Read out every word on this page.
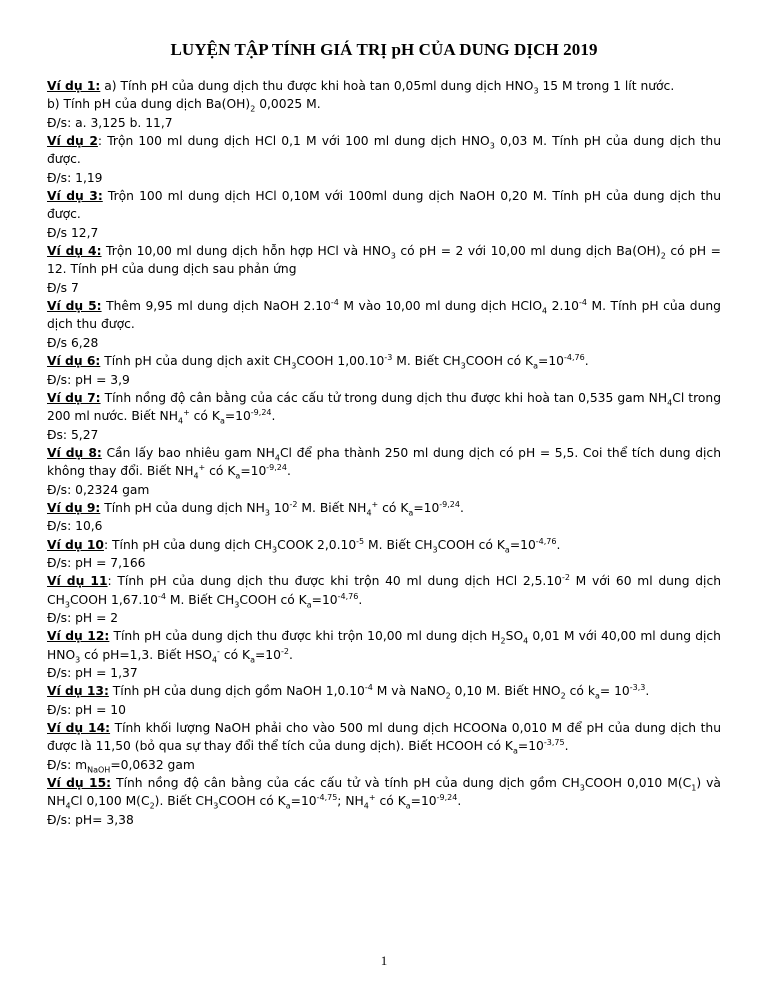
LUYỆN TẬP TÍNH GIÁ TRỊ pH CỦA DUNG DỊCH 2019

Ví dụ 1: a) Tính pH của dung dịch thu được khi hoà tan 0,05ml dung dịch $HNO_3$ 15 M trong 1 lít nước.

b) Tính pH của dung dịch $Ba(OH)_2$ 0,0025 M.

Đ/s: a. 3,125 b. 11,7

Ví dụ 2: Trộn 100 ml dung dịch HCl 0,1 M với 100 ml dung dịch $HNO_3$ 0,03 M. Tính pH của dung dịch thu được.

Đ/s: 1,19

Ví dụ 3: Trộn 100 ml dung dịch HCl 0,10M với 100ml dung dịch NaOH 0,20 M. Tính pH của dung dịch thu được.

Đ/s 12,7

Ví dụ 4: Trộn 10,00 ml dung dịch hỗn hợp HCl và $HNO_3$ có pH = 2 với 10,00 ml dung dịch $Ba(OH)_2$ có pH = 12. Tính pH của dung dịch sau phản ứng

Đ/s 7

Ví dụ 5: Thêm 9,95 ml dung dịch NaOH $2.10^{-4}$ M vào 10,00 ml dung dịch HClO$_4$ $2.10^{-4}$ M. Tính pH của dung dịch thu được.

Đ/s 6,28

Ví dụ 6: Tính pH của dung dịch axit $CH_3COOH$ $1,00.10^{-3}$ M. Biết $CH_3COOH$ có $K_a=10^{-4,76}$.

Đ/s: pH = 3,9

Ví dụ 7: Tính nồng độ cân bằng của các cấu tử trong dung dịch thu được khi hoà tan 0,535 gam $NH_4Cl$ trong 200 ml nước. Biết $NH_4^+$ có $K_a=10^{-9,24}$.

Đs: 5,27

Ví dụ 8: Cần lấy bao nhiêu gam $NH_4Cl$ để pha thành 250 ml dung dịch có pH = 5,5. Coi thể tích dung dịch không thay đổi. Biết $NH_4^+$ có $K_a=10^{-9,24}$.

Đ/s: 0,2324 gam

Ví dụ 9: Tính pH của dung dịch $NH_3$ $10^{-2}$ M. Biết $NH_4^+$ có $K_a=10^{-9,24}$.

Đ/s: 10,6

Ví dụ 10: Tính pH của dung dịch $CH_3COOK$ $2,0.10^{-5}$ M. Biết $CH_3COOH$ có $K_a=10^{-4,76}$.

Đ/s: pH = 7,166

Ví dụ 11: Tính pH của dung dịch thu được khi trộn 40 ml dung dịch HCl $2,5.10^{-2}$ M với 60 ml dung dịch $CH_3COOH$ $1,67.10^{-4}$ M. Biết $CH_3COOH$ có $K_a=10^{-4,76}$.

Đ/s: pH = 2

Ví dụ 12: Tính pH của dung dịch thu được khi trộn 10,00 ml dung dịch $H_2SO_4$ 0,01 M với 40,00 ml dung dịch $HNO_3$ có pH=1,3. Biết $HSO_4^-$ có $K_a=10^{-2}$.

Đ/s: pH = 1,37

Ví dụ 13: Tính pH của dung dịch gồm NaOH $1,0.10^{-4}$ M và NaNO$_2$ 0,10 M. Biết $HNO_2$ có $k_a= 10^{-3,3}$.

Đ/s: pH = 10

Ví dụ 14: Tính khối lượng NaOH phải cho vào 500 ml dung dịch HCOONa 0,010 M để pH của dung dịch thu được là 11,50 (bỏ qua sự thay đổi thể tích của dung dịch). Biết HCOOH có $K_a=10^{-3,75}$.

Đ/s: $m_{NaOH}=0,0632$ gam

Ví dụ 15: Tính nồng độ cân bằng của các cấu tử và tính pH của dung dịch gồm $CH_3COOH$ 0,010 $M(C_1)$ và $NH_4Cl$ 0,100 $M(C_2)$. Biết $CH_3COOH$ có $K_a=10^{-4,75}$; $NH_4^+$ có $K_a=10^{-9,24}$.

Đ/s: pH= 3,38

1
